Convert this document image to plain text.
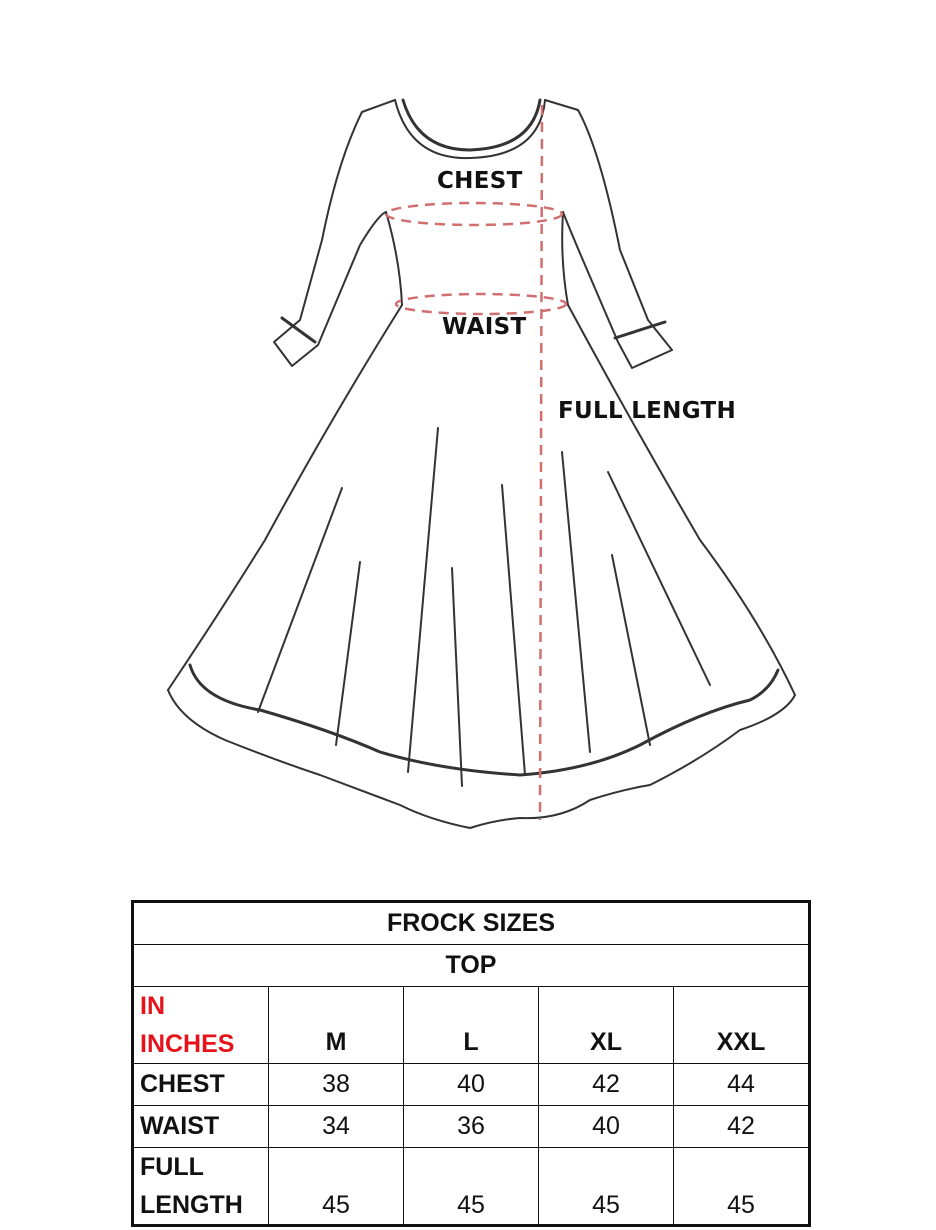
CHEST
WAIST
FULL LENGTH
FROCK SIZES				
TOP				
IN
INCHES	M	L	XL	XXL
CHEST	38	40	42	44
WAIST	34	36	40	42
FULL
LENGTH	45	45	45	45
